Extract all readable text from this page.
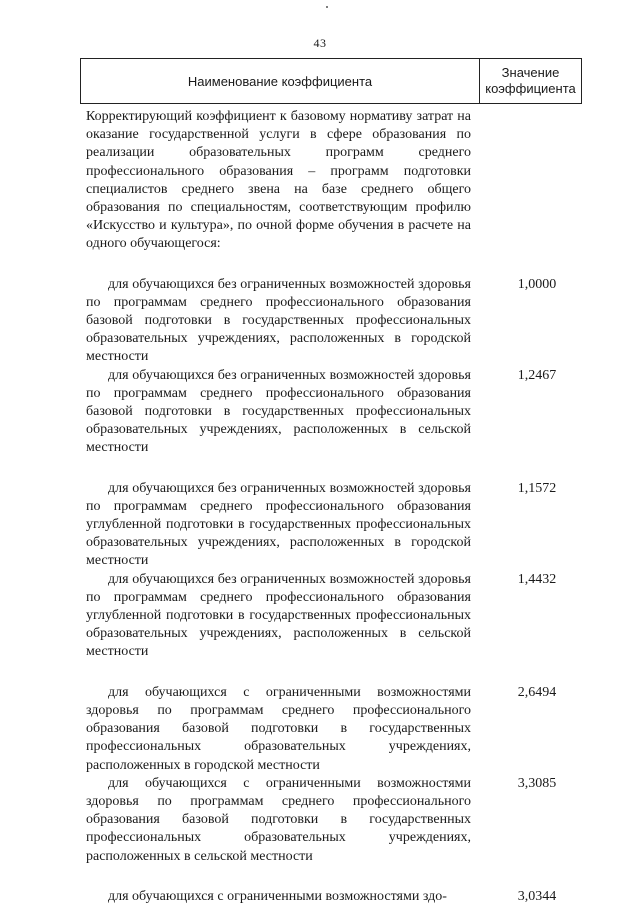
43
Наименование коэффициента
Значение
коэффициента
Корректирующий коэффициент к базовому нормативу затрат на оказание государственной услуги в сфере образования по реализации образовательных программ среднего профессионального образования – программ подготовки специалистов среднего звена на базе среднего общего образования по специальностям, соответствующим профилю «Искусство и культура», по очной форме обучения в расчете на одного обучающегося:
для обучающихся без ограниченных возможностей здоровья по программам среднего профессионального образования базовой подготовки в государственных профессиональных образовательных учреждениях, расположенных в городской местности
1,0000
для обучающихся без ограниченных возможностей здоровья по программам среднего профессионального образования базовой подготовки в государственных профессиональных образовательных учреждениях, расположенных в сельской местности
1,2467
для обучающихся без ограниченных возможностей здоровья по программам среднего профессионального образования углубленной подготовки в государственных профессиональных образовательных учреждениях, расположенных в городской местности
1,1572
для обучающихся без ограниченных возможностей здоровья по программам среднего профессионального образования углубленной подготовки в государственных профессиональных образовательных учреждениях, расположенных в сельской местности
1,4432
для обучающихся с ограниченными возможностями здоровья по программам среднего профессионального образования базовой подготовки в государственных профессиональных образовательных учреждениях, расположенных в городской местности
2,6494
для обучающихся с ограниченными возможностями здоровья по программам среднего профессионального образования базовой подготовки в государственных профессиональных образовательных учреждениях, расположенных в сельской местности
3,3085
для обучающихся с ограниченными возможностями здо-	3,0344
